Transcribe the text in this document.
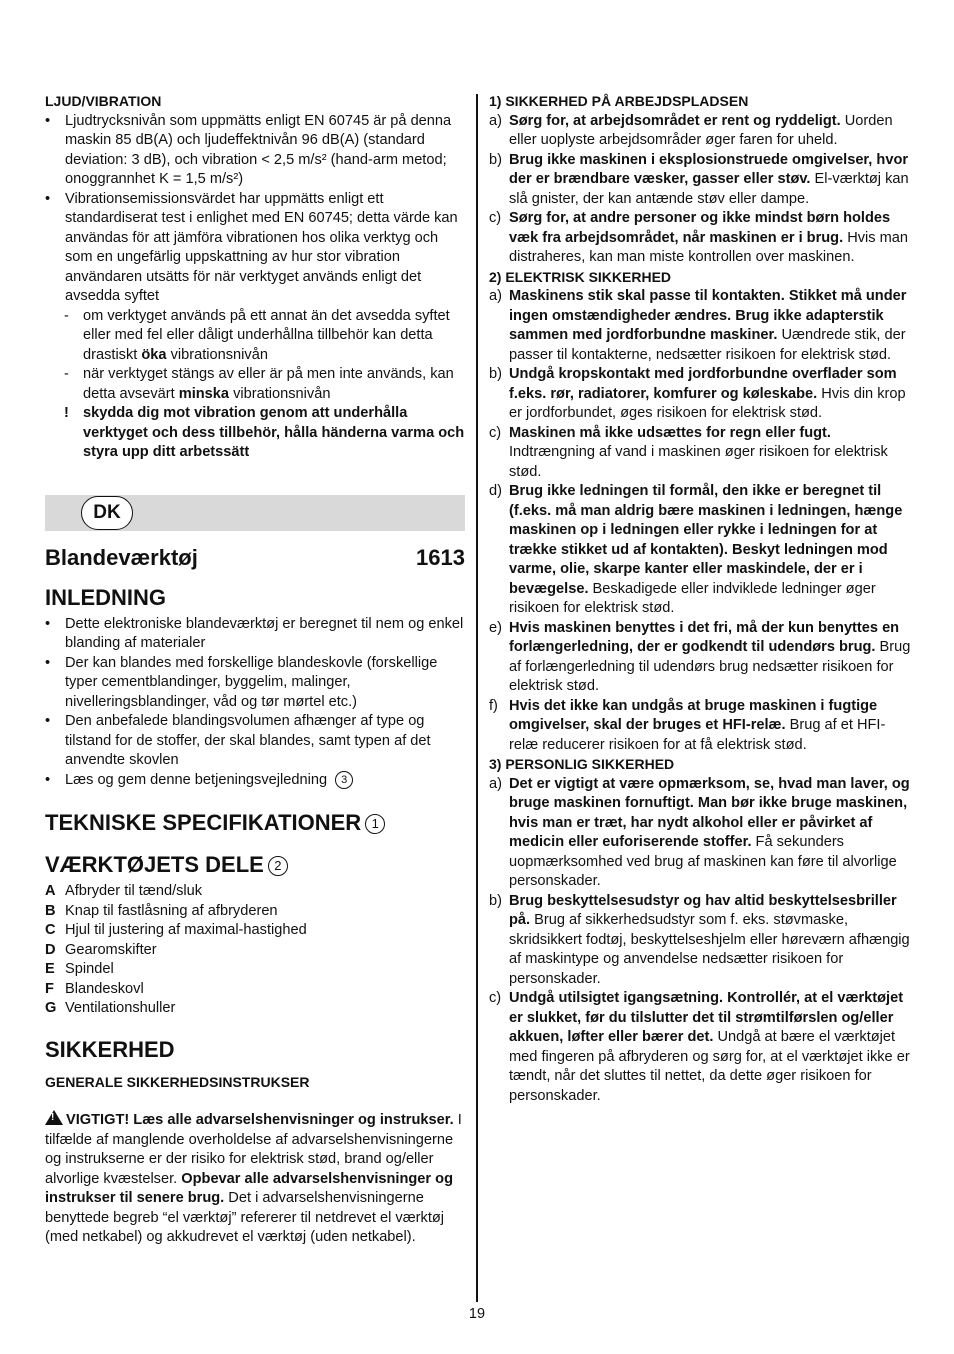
LJUD/VIBRATION

• Ljudtrycksnivån som uppmätts enligt EN 60745 är på denna maskin 85 dB(A) och ljudeffektnivån 96 dB(A) (standard deviation: 3 dB), och vibration < 2,5 m/s² (hand-arm metod; onoggrannhet K = 1,5 m/s²)

• Vibrationsemissionsvärdet har uppmätts enligt ett standardiserat test i enlighet med EN 60745; detta värde kan användas för att jämföra vibrationen hos olika verktyg och som en ungefärlig uppskattning av hur stor vibration användaren utsätts för när verktyget används enligt det avsedda syftet

- om verktyget används på ett annat än det avsedda syftet eller med fel eller dåligt underhållna tillbehör kan detta drastiskt öka vibrationsnivån

- när verktyget stängs av eller är på men inte används, kan detta avsevärt minska vibrationsnivån

! skydda dig mot vibration genom att underhålla verktyget och dess tillbehör, hålla händerna varma och styra upp ditt arbetssätt

DK
Blandeværktøj	1613
INLEDNING

• Dette elektroniske blandeværktøj er beregnet til nem og enkel blanding af materialer

• Der kan blandes med forskellige blandeskovle (forskellige typer cementblandinger, byggelim, malinger, nivelleringsblandinger, våd og tør mørtel etc.)

• Den anbefalede blandingsvolumen afhænger af type og tilstand for de stoffer, der skal blandes, samt typen af det anvendte skovlen

• Læs og gem denne betjeningsvejledning 3

TEKNISKE SPECIFIKATIONER 1
VÆRKTØJETS DELE 2
A Afbryder til tænd/sluk
B Knap til fastlåsning af afbryderen
C Hjul til justering af maximal-hastighed
D Gearomskifter
E Spindel
F Blandeskovl
G Ventilationshuller
SIKKERHED
GENERALE SIKKERHEDSINSTRUKSER

! VIGTIGT! Læs alle advarselshenvisninger og instrukser. I tilfælde af manglende overholdelse af advarselshenvisningerne og instrukserne er der risiko for elektrisk stød, brand og/eller alvorlige kvæstelser. Opbevar alle advarselshenvisninger og instrukser til senere brug. Det i advarselshenvisningerne benyttede begreb “el værktøj” refererer til netdrevet el værktøj (med netkabel) og akkudrevet el værktøj (uden netkabel).

1) SIKKERHED PÅ ARBEJDSPLADSEN
a) Sørg for, at arbejdsområdet er rent og ryddeligt. Uorden eller uoplyste arbejdsområder øger faren for uheld.
b) Brug ikke maskinen i eksplosionstruede omgivelser, hvor der er brændbare væsker, gasser eller støv. El-værktøj kan slå gnister, der kan antænde støv eller dampe.
c) Sørg for, at andre personer og ikke mindst børn holdes væk fra arbejdsområdet, når maskinen er i brug. Hvis man distraheres, kan man miste kontrollen over maskinen.
2) ELEKTRISK SIKKERHED
a) Maskinens stik skal passe til kontakten. Stikket må under ingen omstændigheder ændres. Brug ikke adapterstik sammen med jordforbundne maskiner. Uændrede stik, der passer til kontakterne, nedsætter risikoen for elektrisk stød.
b) Undgå kropskontakt med jordforbundne overflader som f.eks. rør, radiatorer, komfurer og køleskabe. Hvis din krop er jordforbundet, øges risikoen for elektrisk stød.
c) Maskinen må ikke udsættes for regn eller fugt. Indtrængning af vand i maskinen øger risikoen for elektrisk stød.
d) Brug ikke ledningen til formål, den ikke er beregnet til (f.eks. må man aldrig bære maskinen i ledningen, hænge maskinen op i ledningen eller rykke i ledningen for at trække stikket ud af kontakten). Beskyt ledningen mod varme, olie, skarpe kanter eller maskindele, der er i bevægelse. Beskadigede eller indviklede ledninger øger risikoen for elektrisk stød.
e) Hvis maskinen benyttes i det fri, må der kun benyttes en forlængerledning, der er godkendt til udendørs brug. Brug af forlængerledning til udendørs brug nedsætter risikoen for elektrisk stød.
f) Hvis det ikke kan undgås at bruge maskinen i fugtige omgivelser, skal der bruges et HFI-relæ. Brug af et HFI-relæ reducerer risikoen for at få elektrisk stød.
3) PERSONLIG SIKKERHED
a) Det er vigtigt at være opmærksom, se, hvad man laver, og bruge maskinen fornuftigt. Man bør ikke bruge maskinen, hvis man er træt, har nydt alkohol eller er påvirket af medicin eller euforiserende stoffer. Få sekunders uopmærksomhed ved brug af maskinen kan føre til alvorlige personskader.
b) Brug beskyttelsesudstyr og hav altid beskyttelsesbriller på. Brug af sikkerhedsudstyr som f. eks. støvmaske, skridsikkert fodtøj, beskyttelseshjelm eller høreværn afhængig af maskintype og anvendelse nedsætter risikoen for personskader.
c) Undgå utilsigtet igangsætning. Kontrollér, at el værktøjet er slukket, før du tilslutter det til strømtilførslen og/eller akkuen, løfter eller bærer det. Undgå at bære el værktøjet med fingeren på afbryderen og sørg for, at el værktøjet ikke er tændt, når det sluttes til nettet, da dette øger risikoen for personskader.
19
